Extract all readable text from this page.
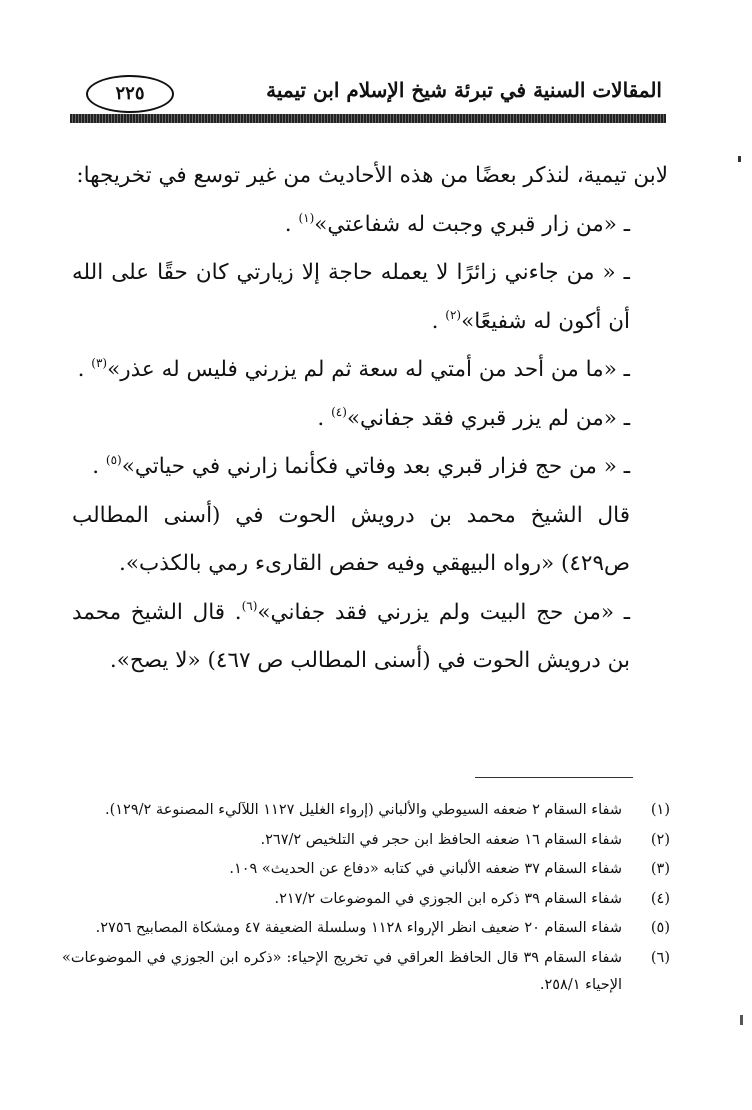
المقالات السنية في تبرئة شيخ الإسلام ابن تيمية
٢٢٥

لابن تيمية، لنذكر بعضًا من هذه الأحاديث من غير توسع في تخريجها:

ـ «من زار قبري وجبت له شفاعتي»$^{(١)}$ .

ـ « من جاءني زائرًا لا يعمله حاجة إلا زيارتي كان حقًا على الله أن أكون له شفيعًا»$^{(٢)}$ .

ـ «ما من أحد من أمتي له سعة ثم لم يزرني فليس له عذر»$^{(٣)}$ .

ـ «من لم يزر قبري فقد جفاني»$^{(٤)}$ .

ـ « من حج فزار قبري بعد وفاتي فكأنما زارني في حياتي»$^{(٥)}$ .

قال الشيخ محمد بن درويش الحوت في (أسنى المطالب ص٤٢٩) «رواه البيهقي وفيه حفص القارىء رمي بالكذب».

ـ «من حج البيت ولم يزرني فقد جفاني»$^{(٦)}$. قال الشيخ محمد بن درويش الحوت في (أسنى المطالب ص ٤٦٧) «لا يصح».

(١)
شفاء السقام ٢ ضعفه السيوطي والألباني (إرواء الغليل ١١٢٧ اللآليء المصنوعة ١٢٩/٢).
(٢)
شفاء السقام ١٦ ضعفه الحافظ ابن حجر في التلخيص ٢٦٧/٢.
(٣)
شفاء السقام ٣٧ ضعفه الألباني في كتابه «دفاع عن الحديث» ١٠٩.
(٤)
شفاء السقام ٣٩ ذكره ابن الجوزي في الموضوعات ٢١٧/٢.
(٥)
شفاء السقام ٢٠ ضعيف انظر الإرواء ١١٢٨ وسلسلة الضعيفة ٤٧ ومشكاة المصابيح ٢٧٥٦.
(٦)
شفاء السقام ٣٩ قال الحافظ العراقي في تخريج الإحياء: «ذكره ابن الجوزي في الموضوعات» الإحياء ٢٥٨/١.
